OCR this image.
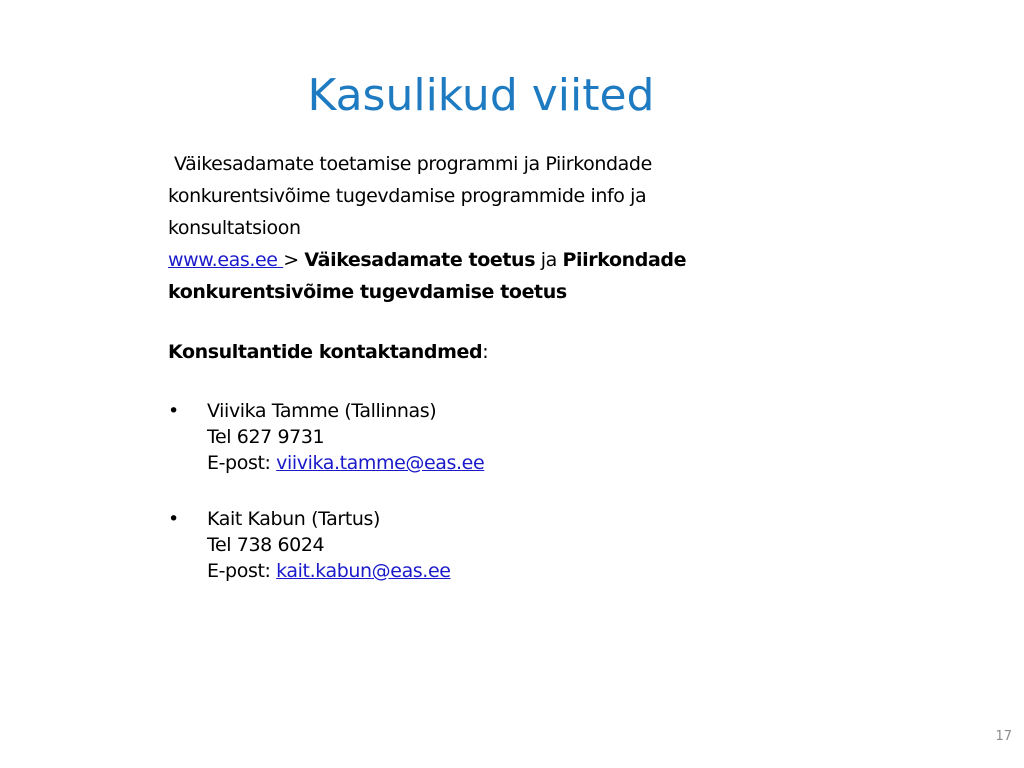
Kasulikud viited
Väikesadamate toetamise programmi ja Piirkondade
konkurentsivõime tugevdamise programmide info ja
konsultatsioon
www.eas.ee > Väikesadamate toetus ja Piirkondade
konkurentsivõime tugevdamise toetus
Konsultantide kontaktandmed:
• Viivika Tamme (Tallinnas)
Tel 627 9731
E-post: viivika.tamme@eas.ee
• Kait Kabun (Tartus)
Tel 738 6024
E-post: kait.kabun@eas.ee
17
